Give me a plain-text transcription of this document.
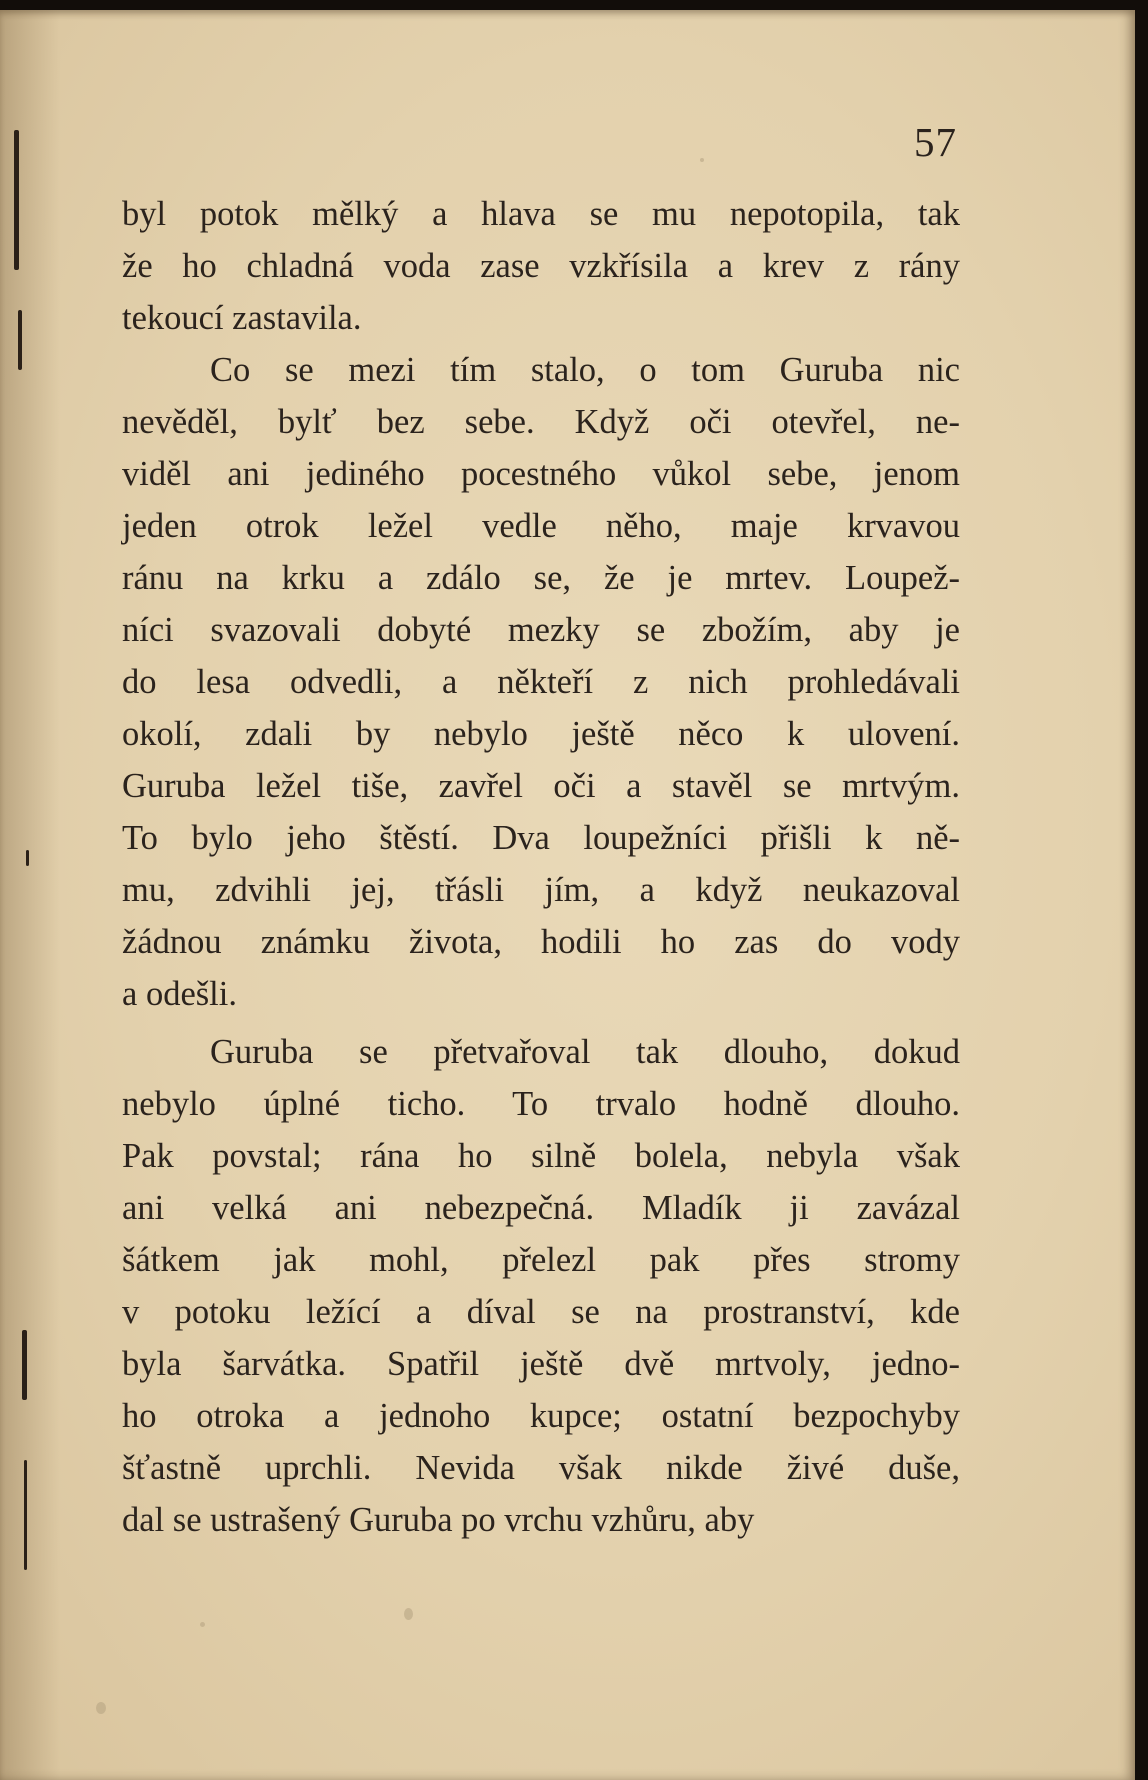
57
byl potok mělký a hlava se mu nepotopila, tak
že ho chladná voda zase vzkřísila a krev z rány
tekoucí zastavila.
Co se mezi tím stalo, o tom Guruba nic
nevěděl, bylť bez sebe. Když oči otevřel, ne-
viděl ani jediného pocestného vůkol sebe, jenom
jeden otrok ležel vedle něho, maje krvavou
ránu na krku a zdálo se, že je mrtev. Loupež-
níci svazovali dobyté mezky se zbožím, aby je
do lesa odvedli, a někteří z nich prohledávali
okolí, zdali by nebylo ještě něco k ulovení.
Guruba ležel tiše, zavřel oči a stavěl se mrtvým.
To bylo jeho štěstí. Dva loupežníci přišli k ně-
mu, zdvihli jej, třásli jím, a když neukazoval
žádnou známku života, hodili ho zas do vody
a odešli.
Guruba se přetvařoval tak dlouho, dokud
nebylo úplné ticho. To trvalo hodně dlouho.
Pak povstal; rána ho silně bolela, nebyla však
ani velká ani nebezpečná. Mladík ji zavázal
šátkem jak mohl, přelezl pak přes stromy
v potoku ležící a díval se na prostranství, kde
byla šarvátka. Spatřil ještě dvě mrtvoly, jedno-
ho otroka a jednoho kupce; ostatní bezpochyby
šťastně uprchli. Nevida však nikde živé duše,
dal se ustrašený Guruba po vrchu vzhůru, aby
